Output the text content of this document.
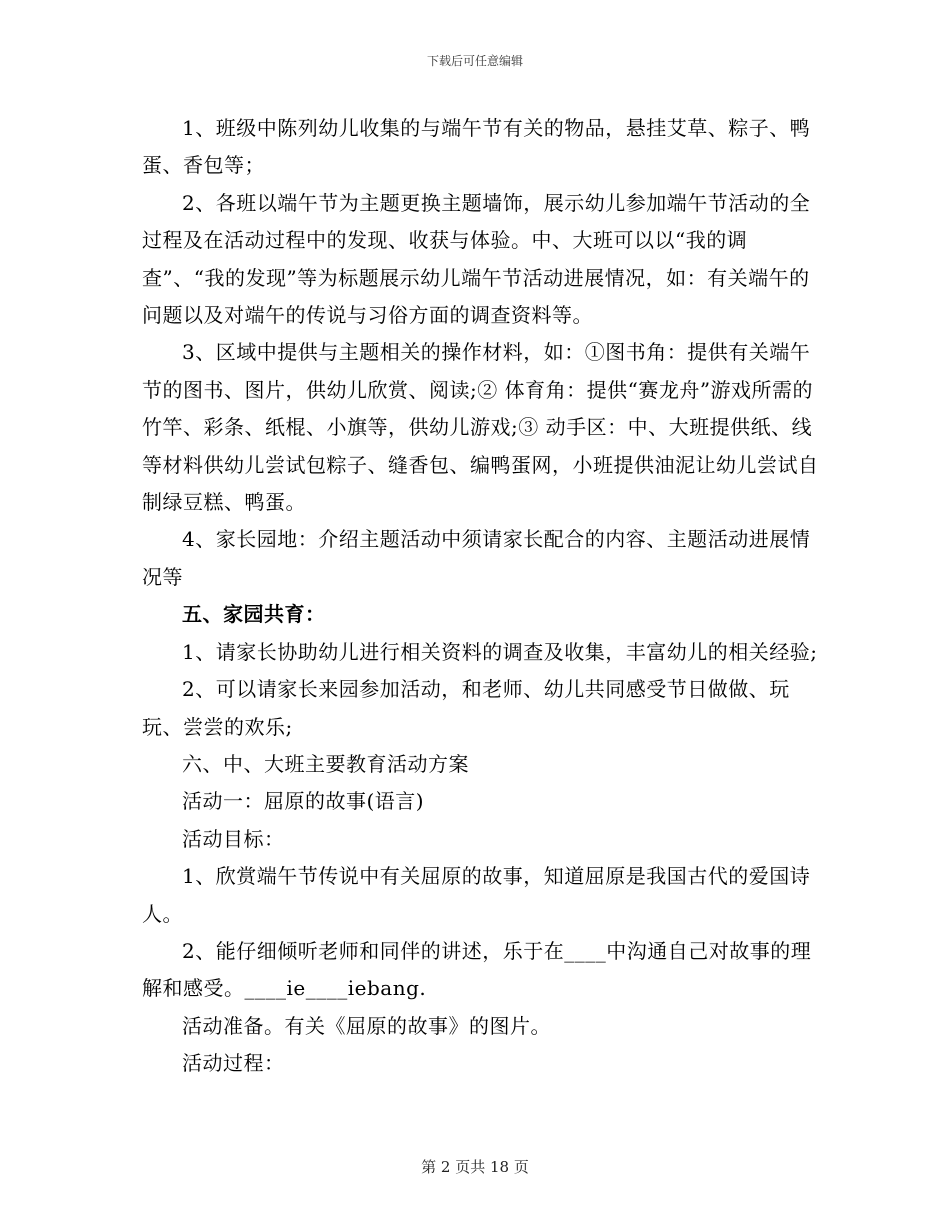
下载后可任意编辑

1、班级中陈列幼儿收集的与端午节有关的物品，悬挂艾草、粽子、鸭蛋、香包等；

2、各班以端午节为主题更换主题墙饰，展示幼儿参加端午节活动的全过程及在活动过程中的发现、收获与体验。中、大班可以以“我的调查”、“我的发现”等为标题展示幼儿端午节活动进展情况，如：有关端午的问题以及对端午的传说与习俗方面的调查资料等。

3、区域中提供与主题相关的操作材料，如：①图书角：提供有关端午节的图书、图片，供幼儿欣赏、阅读;② 体育角：提供“赛龙舟”游戏所需的竹竿、彩条、纸棍、小旗等，供幼儿游戏;③ 动手区：中、大班提供纸、线等材料供幼儿尝试包粽子、缝香包、编鸭蛋网，小班提供油泥让幼儿尝试自制绿豆糕、鸭蛋。

4、家长园地：介绍主题活动中须请家长配合的内容、主题活动进展情况等

五、家园共育：

1、请家长协助幼儿进行相关资料的调查及收集，丰富幼儿的相关经验;

2、可以请家长来园参加活动，和老师、幼儿共同感受节日做做、玩玩、尝尝的欢乐;

六、中、大班主要教育活动方案

活动一：屈原的故事(语言)

活动目标：

1、欣赏端午节传说中有关屈原的故事，知道屈原是我国古代的爱国诗人。

2、能仔细倾听老师和同伴的讲述，乐于在____中沟通自己对故事的理解和感受。____ie____iebang.

活动准备。有关《屈原的故事》的图片。

活动过程：

第 2 页共 18 页
